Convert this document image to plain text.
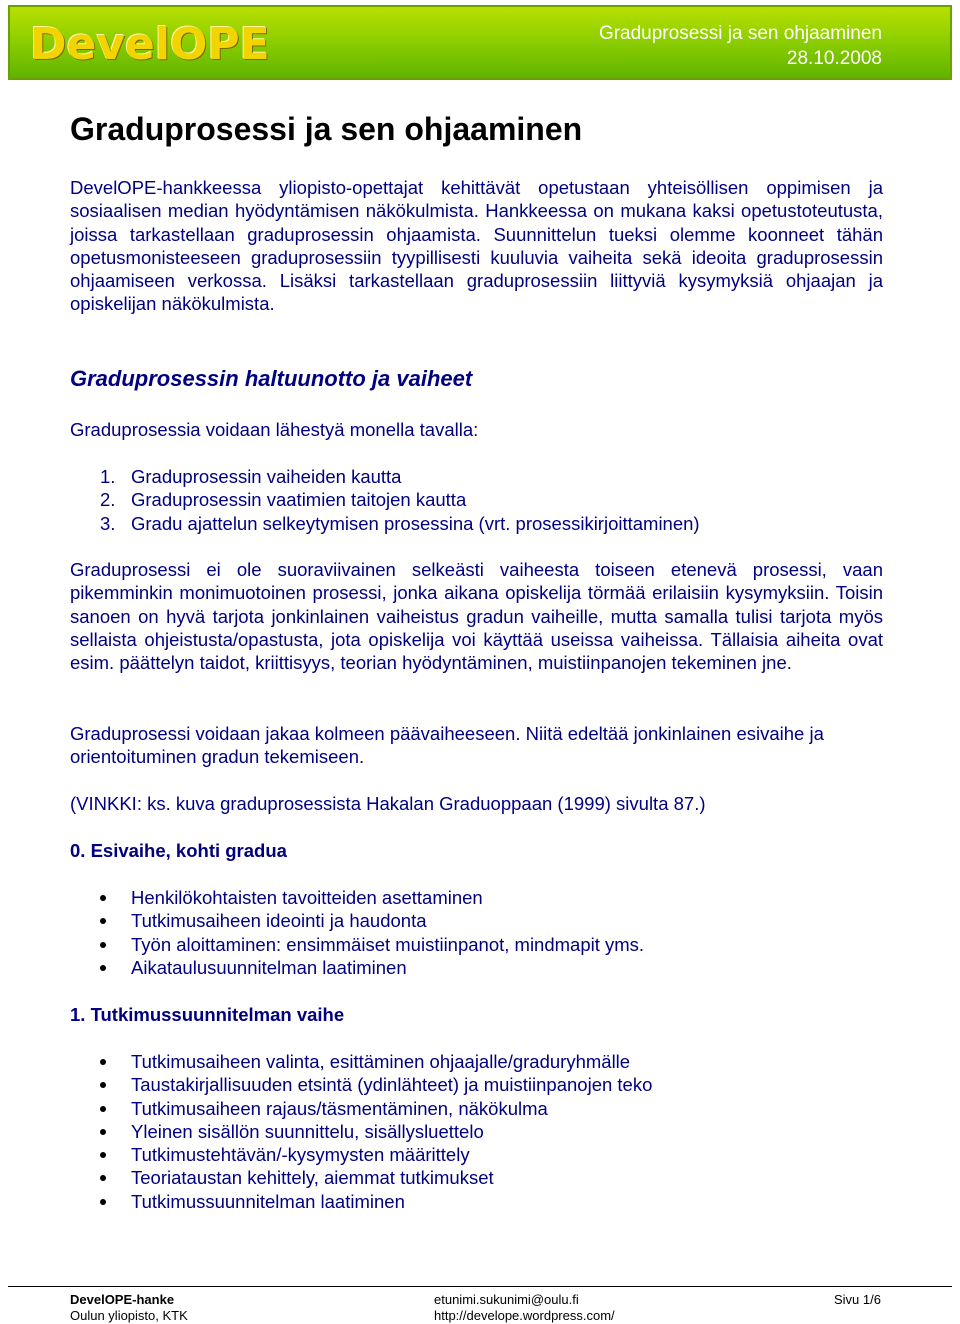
DevelOPE	Graduprosessi ja sen ohjaaminen
28.10.2008
Graduprosessi ja sen ohjaaminen

DevelOPE-hankkeessa yliopisto-opettajat kehittävät opetustaan yhteisöllisen oppimisen ja sosiaalisen median hyödyntämisen näkökulmista. Hankkeessa on mukana kaksi opetustoteutusta, joissa tarkastellaan graduprosessin ohjaamista. Suunnittelun tueksi olemme koonneet tähän opetusmonisteeseen graduprosessiin tyypillisesti kuuluvia vaiheita sekä ideoita graduprosessin ohjaamiseen verkossa. Lisäksi tarkastellaan graduprosessiin liittyviä kysymyksiä ohjaajan ja opiskelijan näkökulmista.

Graduprosessin haltuunotto ja vaiheet

Graduprosessia voidaan lähestyä monella tavalla:

1. Graduprosessin vaiheiden kautta
2. Graduprosessin vaatimien taitojen kautta
3. Gradu ajattelun selkeytymisen prosessina (vrt. prosessikirjoittaminen)

Graduprosessi ei ole suoraviivainen selkeästi vaiheesta toiseen etenevä prosessi, vaan pikemminkin monimuotoinen prosessi, jonka aikana opiskelija törmää erilaisiin kysymyksiin. Toisin sanoen on hyvä tarjota jonkinlainen vaiheistus gradun vaiheille, mutta samalla tulisi tarjota myös sellaista ohjeistusta/opastusta, jota opiskelija voi käyttää useissa vaiheissa. Tällaisia aiheita ovat esim. päättelyn taidot, kriittisyys, teorian hyödyntäminen, muistiinpanojen tekeminen jne.

Graduprosessi voidaan jakaa kolmeen päävaiheeseen. Niitä edeltää jonkinlainen esivaihe ja orientoituminen gradun tekemiseen.

(VINKKI: ks. kuva graduprosessista Hakalan Graduoppaan (1999) sivulta 87.)

0. Esivaihe, kohti gradua

Henkilökohtaisten tavoitteiden asettaminen
Tutkimusaiheen ideointi ja haudonta
Työn aloittaminen: ensimmäiset muistiinpanot, mindmapit yms.
Aikataulusuunnitelman laatiminen

1. Tutkimussuunnitelman vaihe

Tutkimusaiheen valinta, esittäminen ohjaajalle/graduryhmälle
Taustakirjallisuuden etsintä (ydinlähteet) ja muistiinpanojen teko
Tutkimusaiheen rajaus/täsmentäminen, näkökulma
Yleinen sisällön suunnittelu, sisällysluettelo
Tutkimustehtävän/-kysymysten määrittely
Teoriataustan kehittely, aiemmat tutkimukset
Tutkimussuunnitelman laatiminen
DevelOPE-hanke
Oulun yliopisto, KTK
etunimi.sukunimi@oulu.fi
http://develope.wordpress.com/
Sivu 1/6
